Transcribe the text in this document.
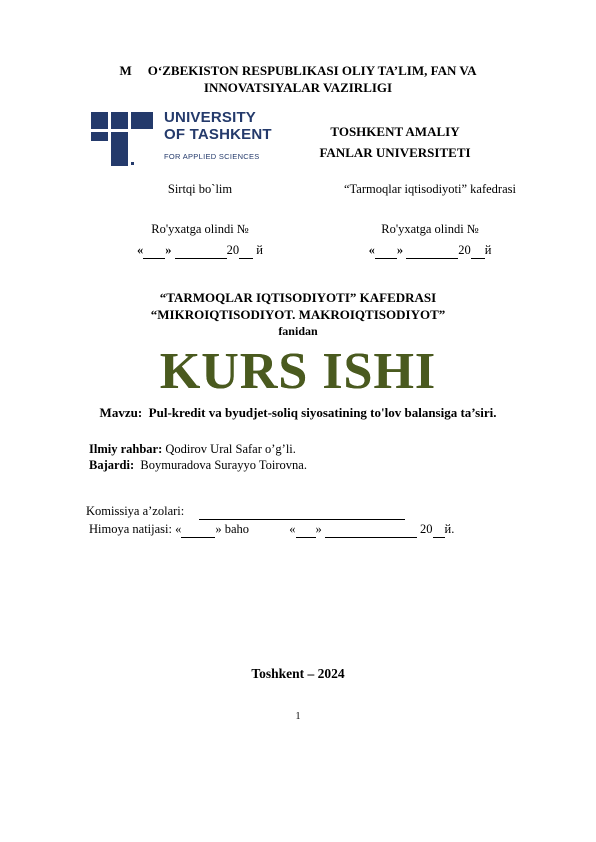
M O‘ZBEKISTON RESPUBLIKASI OLIY TA’LIM, FAN VA
INNOVATSIYALAR VAZIRLIGI
UNIVERSITY
OF TASHKENT
FOR APPLIED SCIENCES
TOSHKENT AMALIY
FANLAR UNIVERSITETI
Sirtqi bo`lim
Ro'yxatga olindi №
« »	20 й
“Tarmoqlar iqtisodiyoti” kafedrasi
Ro'yxatga olindi №
« »	20 й
“TARMOQLAR IQTISODIYOTI” KAFEDRASI
“MIKROIQTISODIYOT. MAKROIQTISODIYOT”
fanidan
KURS ISHI
Mavzu: Pul-kredit va byudjet-soliq siyosatining to'lov balansiga ta’siri.
Ilmiy rahbar: Qodirov Ural Safar o’g’li.
Bajardi: Boymuradova Surayyo Toirovna.
Komissiya a’zolari:
Himoya natijasi: «	» baho	« »	20 й.
Toshkent – 2024
1
